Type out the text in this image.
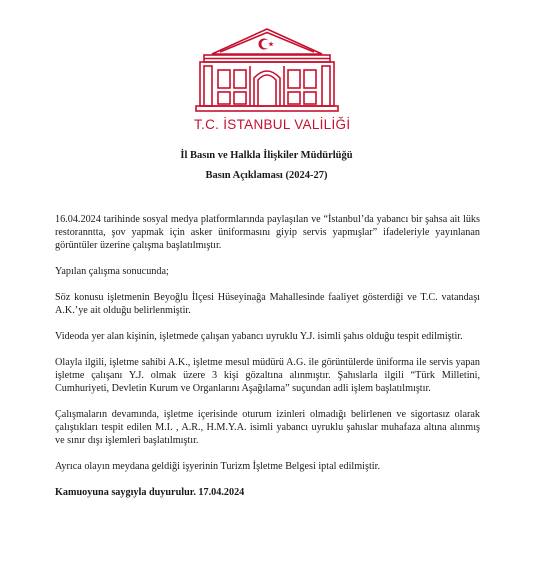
T.C. İSTANBUL VALİLİĞİ
İl Basın ve Halkla İlişkiler Müdürlüğü
Basın Açıklaması (2024-27)

16.04.2024 tarihinde sosyal medya platformlarında paylaşılan ve “İstanbul’da yabancı bir şahsa ait lüks restoranntta, şov yapmak için asker üniformasını giyip servis yapmışlar” ifadeleriyle yayınlanan görüntüler üzerine çalışma başlatılmıştır.

Yapılan çalışma sonucunda;

Söz konusu işletmenin Beyoğlu İlçesi Hüseyinağa Mahallesinde faaliyet gösterdiği ve T.C. vatandaşı A.K.’ye ait olduğu belirlenmiştir.

Videoda yer alan kişinin, işletmede çalışan yabancı uyruklu Y.J. isimli şahıs olduğu tespit edilmiştir.

Olayla ilgili, işletme sahibi A.K., işletme mesul müdürü A.G. ile görüntülerde üniforma ile servis yapan işletme çalışanı Y.J. olmak üzere 3 kişi gözaltına alınmıştır. Şahıslarla ilgili “Türk Milletini, Cumhuriyeti, Devletin Kurum ve Organlarını Aşağılama” suçundan adli işlem başlatılmıştır.

Çalışmaların devamında, işletme içerisinde oturum izinleri olmadığı belirlenen ve sigortasız olarak çalıştıkları tespit edilen M.I. , A.R., H.M.Y.A. isimli yabancı uyruklu şahıslar muhafaza altına alınmış ve sınır dışı işlemleri başlatılmıştır.

Ayrıca olayın meydana geldiği işyerinin Turizm İşletme Belgesi iptal edilmiştir.

Kamuoyuna saygıyla duyurulur. 17.04.2024
